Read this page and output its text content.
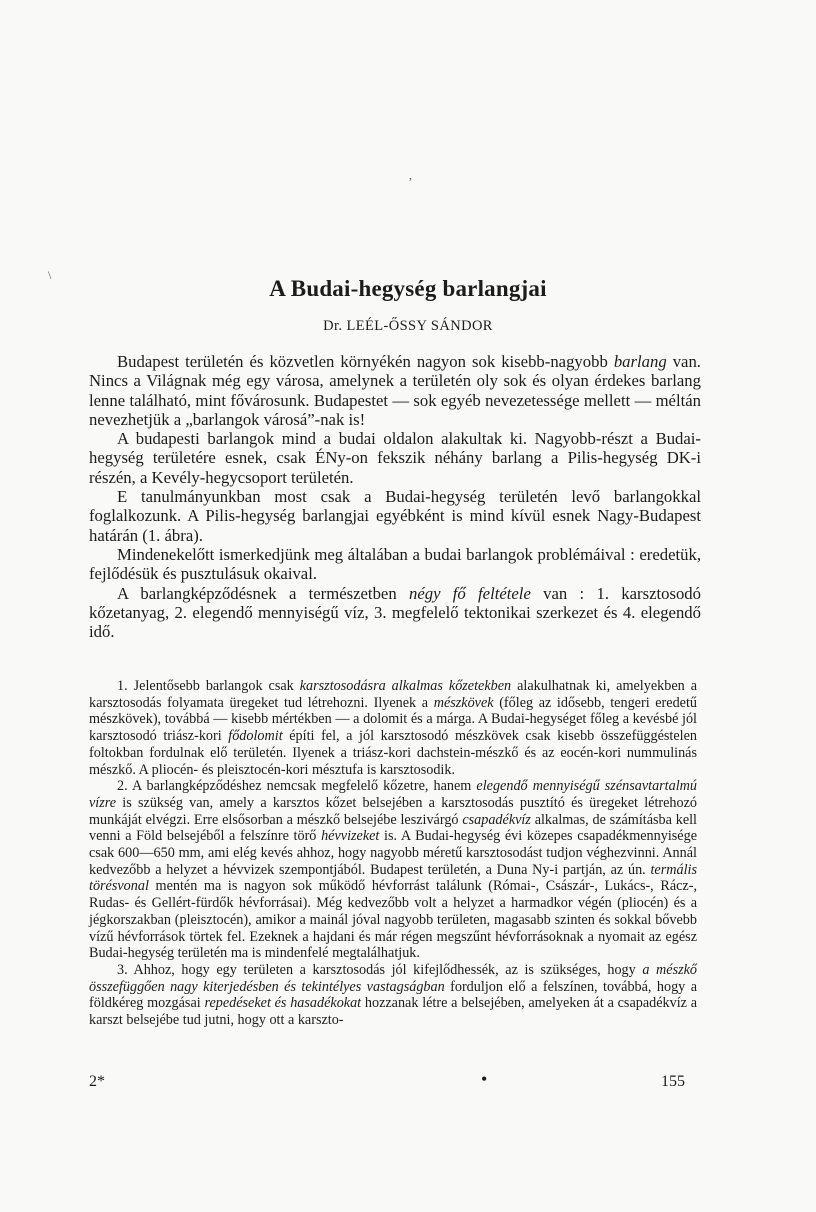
,
\
A Budai-hegység barlangjai
Dr. LEÉL-ŐSSY SÁNDOR

Budapest területén és közvetlen környékén nagyon sok kisebb-nagyobb barlang van. Nincs a Világnak még egy városa, amelynek a területén oly sok és olyan érdekes barlang lenne található, mint fővárosunk. Budapestet — sok egyéb nevezetessége mellett — méltán nevezhetjük a „barlangok városá”-nak is!

A budapesti barlangok mind a budai oldalon alakultak ki. Nagyobb-részt a Budai-hegység területére esnek, csak ÉNy-on fekszik néhány barlang a Pilis-hegység DK-i részén, a Kevély-hegycsoport területén.

E tanulmányunkban most csak a Budai-hegység területén levő barlangokkal foglalkozunk. A Pilis-hegység barlangjai egyébként is mind kívül esnek Nagy-Budapest határán (1. ábra).

Mindenekelőtt ismerkedjünk meg általában a budai barlangok problémáival : eredetük, fejlődésük és pusztulásuk okaival.

A barlangképződésnek a természetben négy fő feltétele van : 1. karsztosodó kőzetanyag, 2. elegendő mennyiségű víz, 3. megfelelő tektonikai szerkezet és 4. elegendő idő.

1. Jelentősebb barlangok csak karsztosodásra alkalmas kőzetekben alakulhatnak ki, amelyekben a karsztosodás folyamata üregeket tud létrehozni. Ilyenek a mészkövek (főleg az idősebb, tengeri eredetű mészkövek), továbbá — kisebb mértékben — a dolomit és a márga. A Budai-hegységet főleg a kevésbé jól karsztosodó triász-kori fődolomit építi fel, a jól karsztosodó mészkövek csak kisebb összefüggéstelen foltokban fordulnak elő területén. Ilyenek a triász-kori dachstein-mészkő és az eocén-kori nummulinás mészkő. A pliocén- és pleisztocén-kori mésztufa is karsztosodik.

2. A barlangképződéshez nemcsak megfelelő kőzetre, hanem elegendő mennyiségű szénsavtartalmú vízre is szükség van, amely a karsztos kőzet belsejében a karsztosodás pusztító és üregeket létrehozó munkáját elvégzi. Erre elsősorban a mészkő belsejébe leszivárgó csapadékvíz alkalmas, de számításba kell venni a Föld belsejéből a felszínre törő hévvizeket is. A Budai-hegység évi közepes csapadékmennyisége csak 600—650 mm, ami elég kevés ahhoz, hogy nagyobb méretű karsztosodást tudjon véghezvinni. Annál kedvezőbb a helyzet a hévvizek szempontjából. Budapest területén, a Duna Ny-i partján, az ún. termális törésvonal mentén ma is nagyon sok működő hévforrást találunk (Római-, Császár-, Lukács-, Rácz-, Rudas- és Gellért-fürdők hévforrásai). Még kedvezőbb volt a helyzet a harmadkor végén (pliocén) és a jégkorszakban (pleisztocén), amikor a mainál jóval nagyobb területen, magasabb szinten és sokkal bővebb vízű hévforrások törtek fel. Ezeknek a hajdani és már régen megszűnt hévforrásoknak a nyomait az egész Budai-hegység területén ma is mindenfelé megtalálhatjuk.

3. Ahhoz, hogy egy területen a karsztosodás jól kifejlődhessék, az is szükséges, hogy a mészkő összefüggően nagy kiterjedésben és tekintélyes vastagságban forduljon elő a felszínen, továbbá, hogy a földkéreg mozgásai repedéseket és hasadékokat hozzanak létre a belsejében, amelyeken át a csapadékvíz a karszt belsejébe tud jutni, hogy ott a karszto-

2*	•	155
